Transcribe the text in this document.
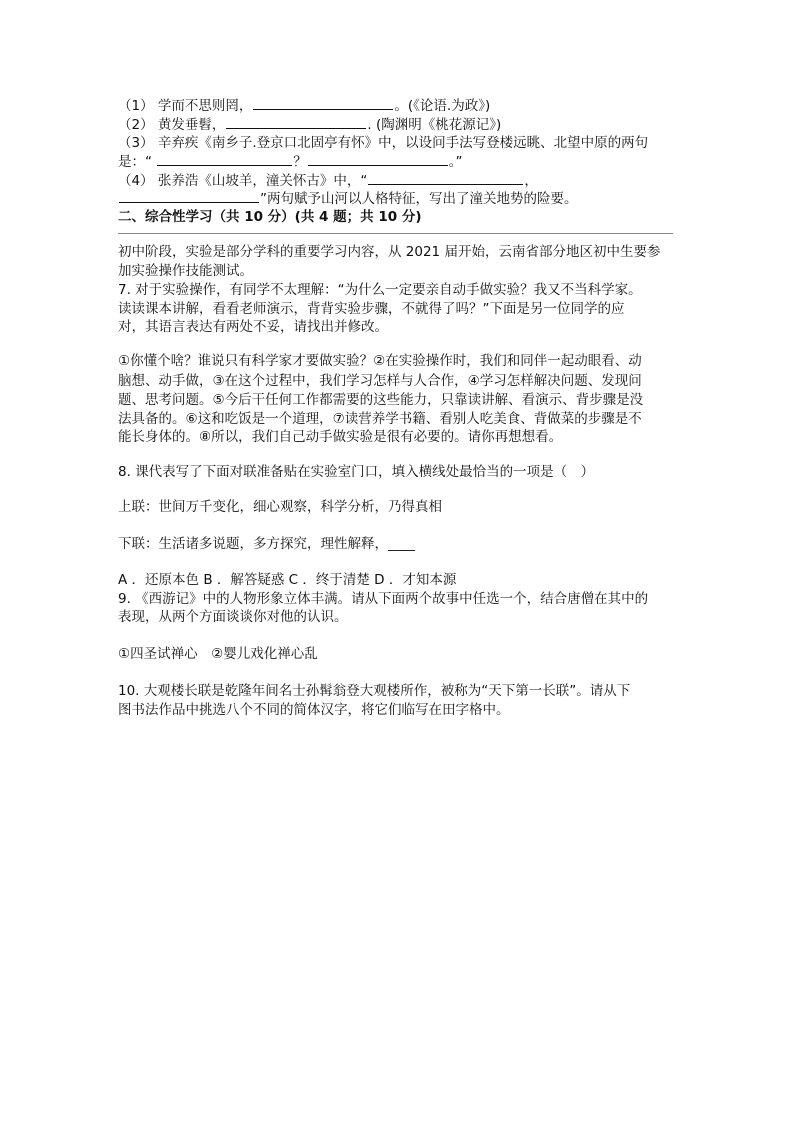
（1） 学而不思则罔，	。(《论语.为政》)
（2） 黄发垂髫，	. (陶渊明《桃花源记》)
（3） 辛弃疾《南乡子.登京口北固亭有怀》中，以设问手法写登楼远眺、北望中原的两句
是：“	？	。”
（4） 张养浩《山坡羊，潼关怀古》中，“	，
”两句赋予山河以人格特征，写出了潼关地势的险要。
二、综合性学习（共 10 分）(共 4 题；共 10 分)
初中阶段，实验是部分学科的重要学习内容，从 2021 届开始，云南省部分地区初中生要参
加实验操作技能测试。
7. 对于实验操作，有同学不太理解：“为什么一定要亲自动手做实验？我又不当科学家。
读读课本讲解，看看老师演示，背背实验步骤，不就得了吗？”下面是另一位同学的应
对，其语言表达有两处不妥，请找出并修改。
①你懂个啥？谁说只有科学家才要做实验？②在实验操作时，我们和同伴一起动眼看、动
脑想、动手做，③在这个过程中，我们学习怎样与人合作，④学习怎样解决问题、发现问
题、思考问题。⑤今后干任何工作都需要的这些能力，只靠读讲解、看演示、背步骤是没
法具备的。⑥这和吃饭是一个道理，⑦读营养学书籍、看别人吃美食、背做菜的步骤是不
能长身体的。⑧所以，我们自己动手做实验是很有必要的。请你再想想看。
8. 课代表写了下面对联准备贴在实验室门口，填入横线处最恰当的一项是（　）
上联：世间万千变化，细心观察，科学分析，乃得真相
下联：生活诸多说题，多方探究，理性解释，____
A ．还原本色 B ．解答疑惑 C ．终于清楚 D ．才知本源
9. 《西游记》中的人物形象立体丰满。请从下面两个故事中任选一个，结合唐僧在其中的
表现，从两个方面谈谈你对他的认识。
①四圣试禅心　②婴儿戏化禅心乱
10. 大观楼长联是乾隆年间名士孙髯翁登大观楼所作，被称为“天下第一长联”。请从下
图书法作品中挑选八个不同的简体汉字，将它们临写在田字格中。
